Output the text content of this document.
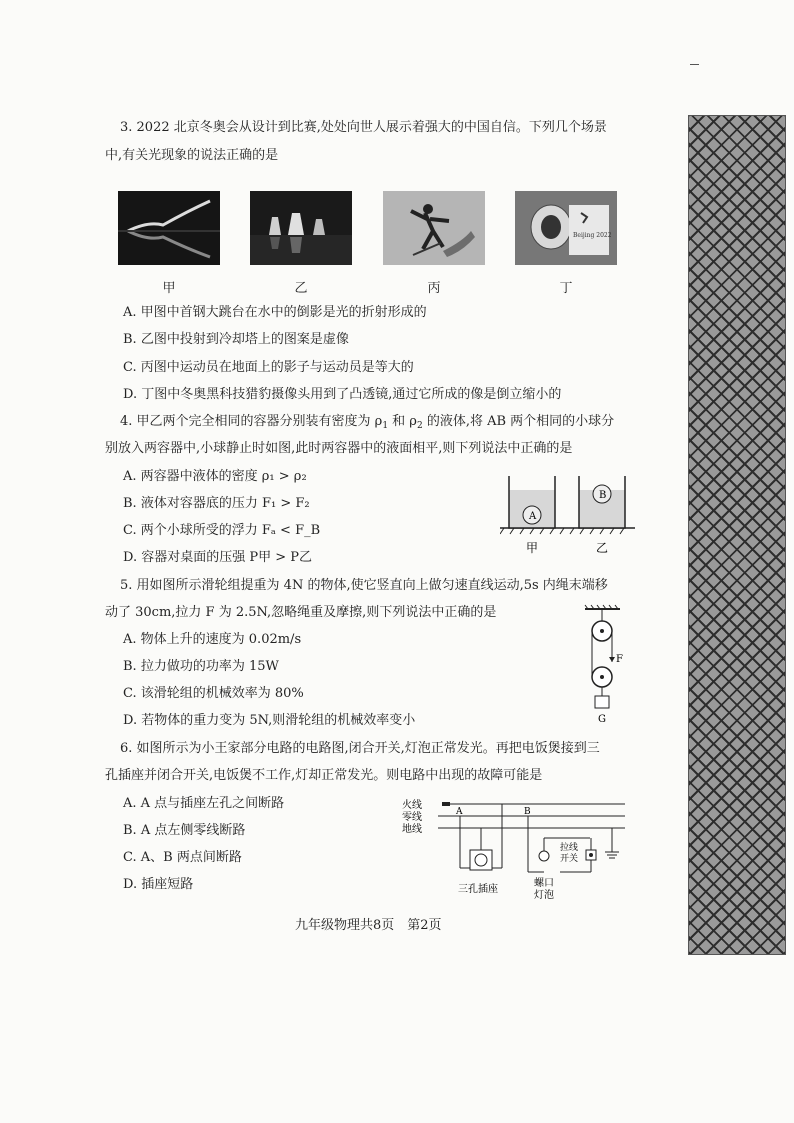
3. 2022 北京冬奥会从设计到比赛,处处向世人展示着强大的中国自信。下列几个场景
中,有关光现象的说法正确的是
Beijing 2022
甲	乙	丙	丁
A. 甲图中首钢大跳台在水中的倒影是光的折射形成的
B. 乙图中投射到冷却塔上的图案是虚像
C. 丙图中运动员在地面上的影子与运动员是等大的
D. 丁图中冬奥黑科技猎豹摄像头用到了凸透镜,通过它所成的像是倒立缩小的
4. 甲乙两个完全相同的容器分别装有密度为 $\rho_1$ 和 $\rho_2$ 的液体,将 AB 两个相同的小球分
别放入两容器中,小球静止时如图,此时两容器中的液面相平,则下列说法中正确的是
A. 两容器中液体的密度 ρ₁ > ρ₂
B. 液体对容器底的压力 F₁ > F₂
C. 两个小球所受的浮力 Fₐ < F_B
D. 容器对桌面的压强 P甲 > P乙
A
B
甲	乙
5. 用如图所示滑轮组提重为 4N 的物体,使它竖直向上做匀速直线运动,5s 内绳末端移
动了 30cm,拉力 F 为 2.5N,忽略绳重及摩擦,则下列说法中正确的是
A. 物体上升的速度为 0.02m/s
B. 拉力做功的功率为 15W
C. 该滑轮组的机械效率为 80%
D. 若物体的重力变为 5N,则滑轮组的机械效率变小
F
G
6. 如图所示为小王家部分电路的电路图,闭合开关,灯泡正常发光。再把电饭煲接到三
孔插座并闭合开关,电饭煲不工作,灯却正常发光。则电路中出现的故障可能是
A. A 点与插座左孔之间断路
B. A 点左侧零线断路
C. A、B 两点间断路
D. 插座短路
火线
零线
地线
A	B
三孔插座
拉线
开关
螺口
灯泡
九年级物理共8页　第2页
